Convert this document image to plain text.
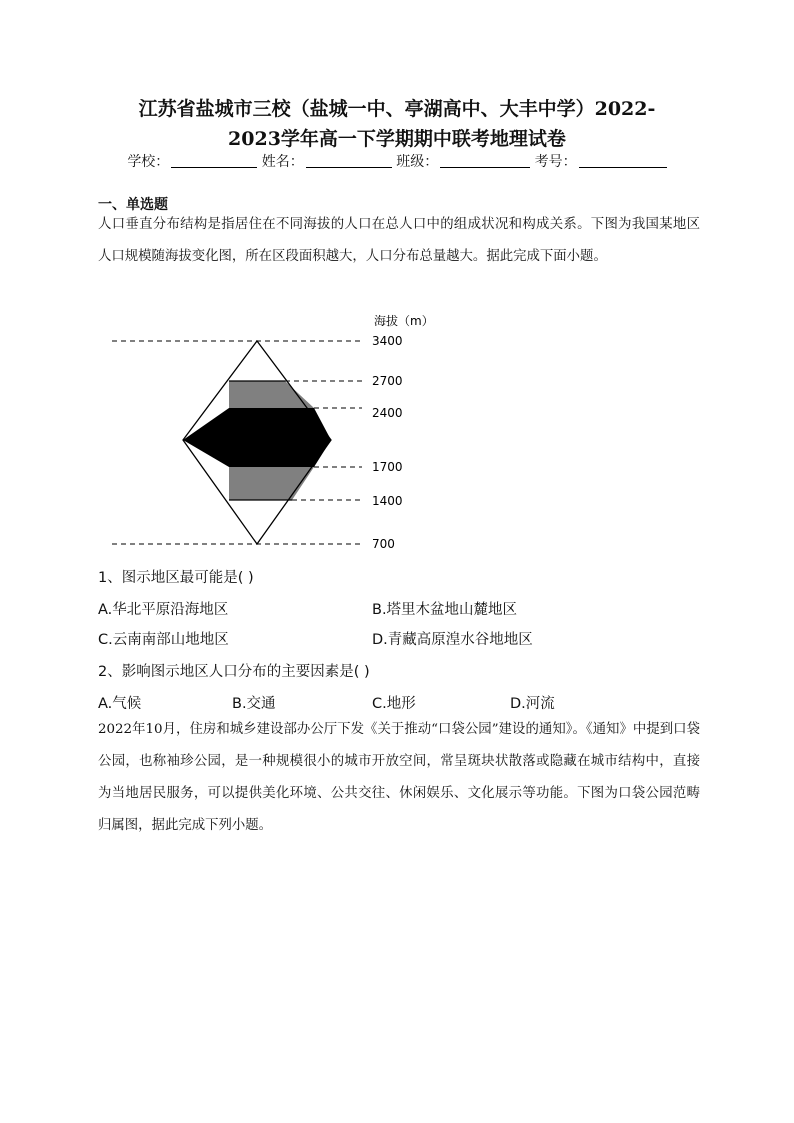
江苏省盐城市三校（盐城一中、亭湖高中、大丰中学）2022-
2023学年高一下学期期中联考地理试卷
学校：	姓名：	班级：	考号：
一、单选题
人口垂直分布结构是指居住在不同海拔的人口在总人口中的组成状况和构成关系。下图为我国某地区人口规模随海拔变化图，所在区段面积越大，人口分布总量越大。据此完成下面小题。
海拔（m）
3400
2700
2400
1700
1400
700
1、图示地区最可能是( )
A.华北平原沿海地区	B.塔里木盆地山麓地区
C.云南南部山地地区	D.青藏高原湟水谷地地区
2、影响图示地区人口分布的主要因素是( )
A.气候	B.交通	C.地形	D.河流
2022年10月，住房和城乡建设部办公厅下发《关于推动“口袋公园”建设的通知》。《通知》中提到口袋公园，也称袖珍公园，是一种规模很小的城市开放空间，常呈斑块状散落或隐藏在城市结构中，直接为当地居民服务，可以提供美化环境、公共交往、休闲娱乐、文化展示等功能。下图为口袋公园范畴归属图，据此完成下列小题。
